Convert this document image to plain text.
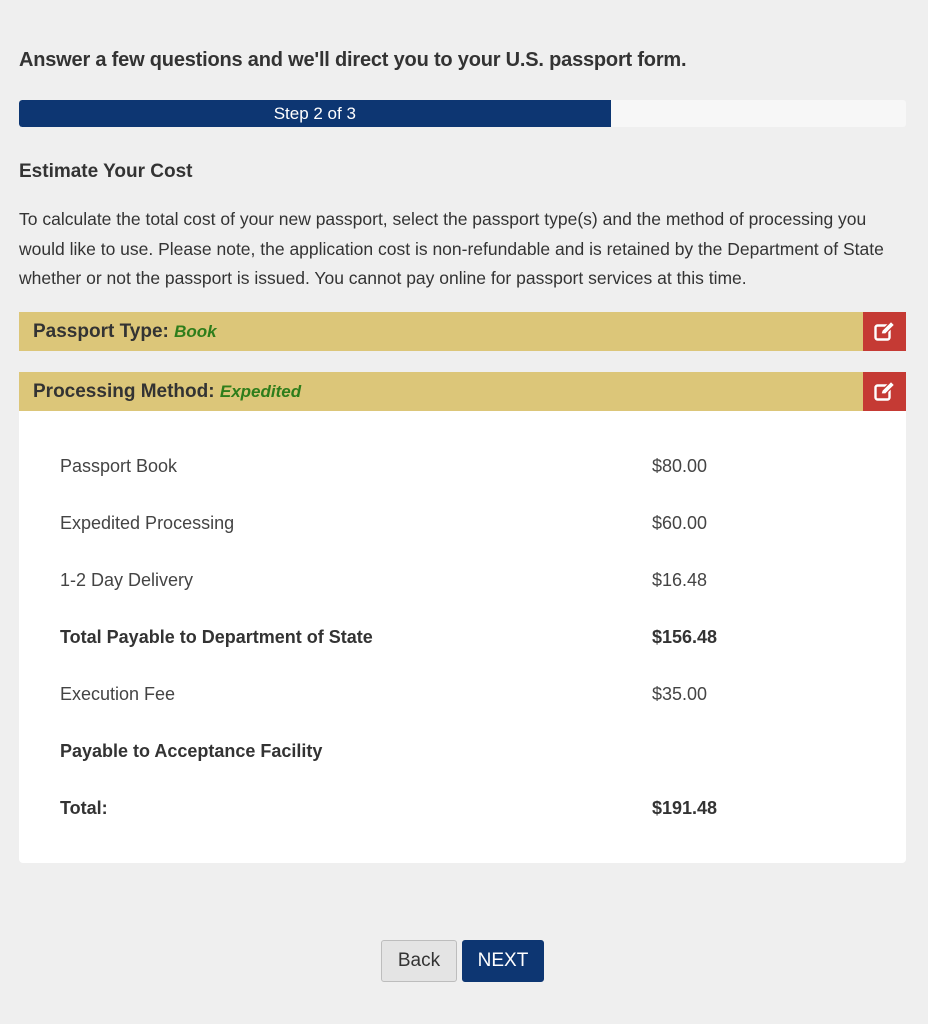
Answer a few questions and we'll direct you to your U.S. passport form.

Step 2 of 3
Estimate Your Cost

To calculate the total cost of your new passport, select the passport type(s) and the method of processing you would like to use. Please note, the application cost is non-refundable and is retained by the Department of State whether or not the passport is issued. You cannot pay online for passport services at this time.

Passport Type: Book
Processing Method: Expedited
Passport Book	$80.00
Expedited Processing	$60.00
1-2 Day Delivery	$16.48
Total Payable to Department of State	$156.48
Execution Fee	$35.00
Payable to Acceptance Facility
Total:	$191.48
Back	NEXT
